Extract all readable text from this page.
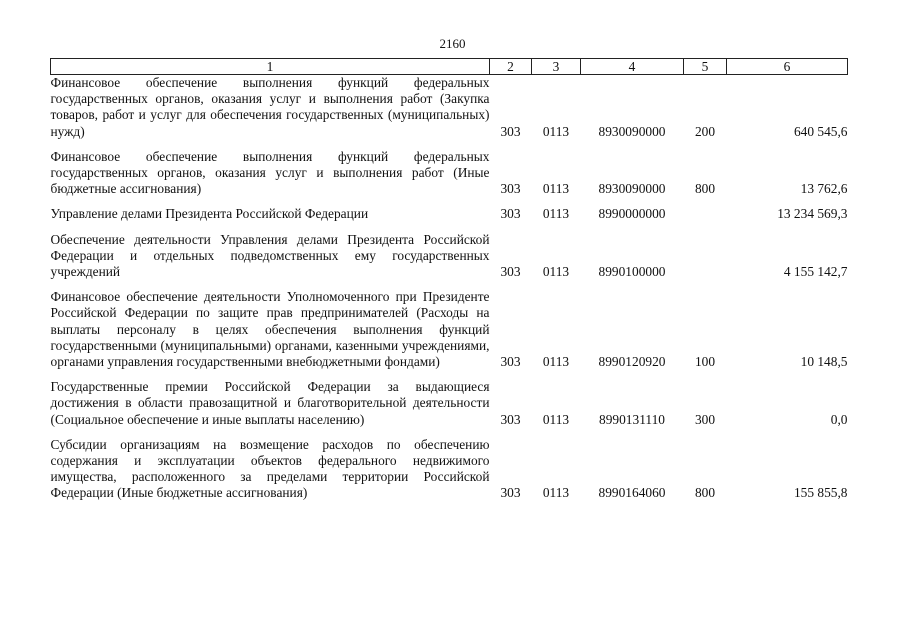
2160
1	2	3	4	5	6
Финансовое обеспечение выполнения функций федеральных государственных органов, оказания услуг и выполнения работ (Закупка товаров, работ и услуг для обеспечения государственных (муниципальных) нужд)	303	0113	8930090000	200	640 545,6

Финансовое обеспечение выполнения функций федеральных государственных органов, оказания услуг и выполнения работ (Иные бюджетные ассигнования)	303	0113	8930090000	800	13 762,6

Управление делами Президента Российской Федерации	303	0113	8990000000		13 234 569,3

Обеспечение деятельности Управления делами Президента Российской Федерации и отдельных подведомственных ему государственных учреждений	303	0113	8990100000		4 155 142,7

Финансовое обеспечение деятельности Уполномоченного при Президенте Российской Федерации по защите прав предпринимателей (Расходы на выплаты персоналу в целях обеспечения выполнения функций государственными (муниципальными) органами, казенными учреждениями, органами управления государственными внебюджетными фондами)	303	0113	8990120920	100	10 148,5

Государственные премии Российской Федерации за выдающиеся достижения в области правозащитной и благотворительной деятельности (Социальное обеспечение и иные выплаты населению)	303	0113	8990131110	300	0,0

Субсидии организациям на возмещение расходов по обеспечению содержания и эксплуатации объектов федерального недвижимого имущества, расположенного за пределами территории Российской Федерации (Иные бюджетные ассигнования)	303	0113	8990164060	800	155 855,8
